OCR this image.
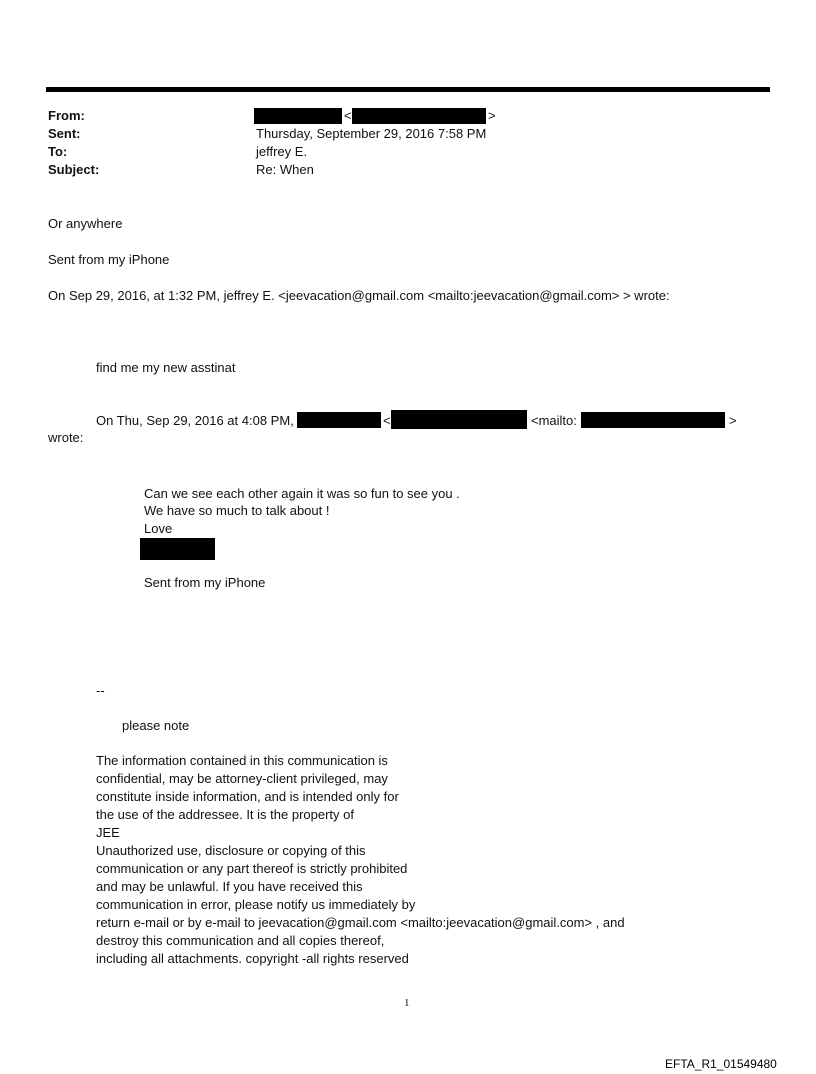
From:	<	>
Sent:	Thursday, September 29, 2016 7:58 PM
To:	jeffrey E.
Subject:	Re: When
Or anywhere
Sent from my iPhone
On Sep 29, 2016, at 1:32 PM, jeffrey E. <jeevacation@gmail.com <mailto:jeevacation@gmail.com> > wrote:
find me my new asstinat
On Thu, Sep 29, 2016 at 4:08 PM,	<	<mailto:	>
wrote:
Can we see each other again it was so fun to see you .
We have so much to talk about !
Love
Sent from my iPhone
--
please note
The information contained in this communication is
confidential, may be attorney-client privileged, may
constitute inside information, and is intended only for
the use of the addressee. It is the property of
JEE
Unauthorized use, disclosure or copying of this
communication or any part thereof is strictly prohibited
and may be unlawful. If you have received this
communication in error, please notify us immediately by
return e-mail or by e-mail to jeevacation@gmail.com <mailto:jeevacation@gmail.com> , and
destroy this communication and all copies thereof,
including all attachments. copyright -all rights reserved
1
EFTA_R1_01549480
